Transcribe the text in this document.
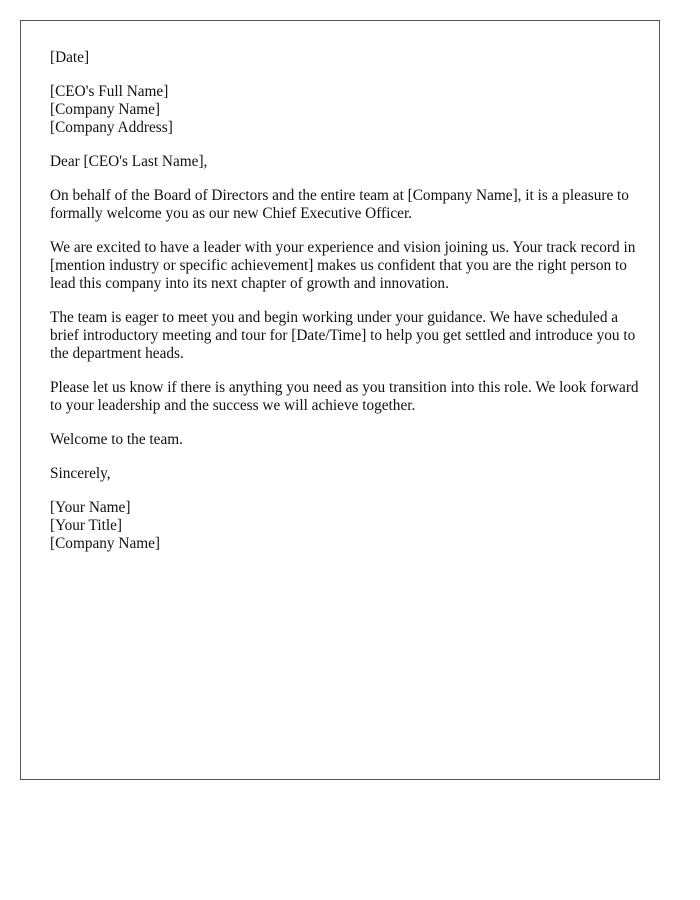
[Date]
[CEO's Full Name]
[Company Name]
[Company Address]
Dear [CEO's Last Name],

On behalf of the Board of Directors and the entire team at [Company Name], it is a pleasure to formally welcome you as our new Chief Executive Officer.

We are excited to have a leader with your experience and vision joining us. Your track record in [mention industry or specific achievement] makes us confident that you are the right person to lead this company into its next chapter of growth and innovation.

The team is eager to meet you and begin working under your guidance. We have scheduled a brief introductory meeting and tour for [Date/Time] to help you get settled and introduce you to the department heads.

Please let us know if there is anything you need as you transition into this role. We look forward to your leadership and the success we will achieve together.

Welcome to the team.

Sincerely,
[Your Name]
[Your Title]
[Company Name]
